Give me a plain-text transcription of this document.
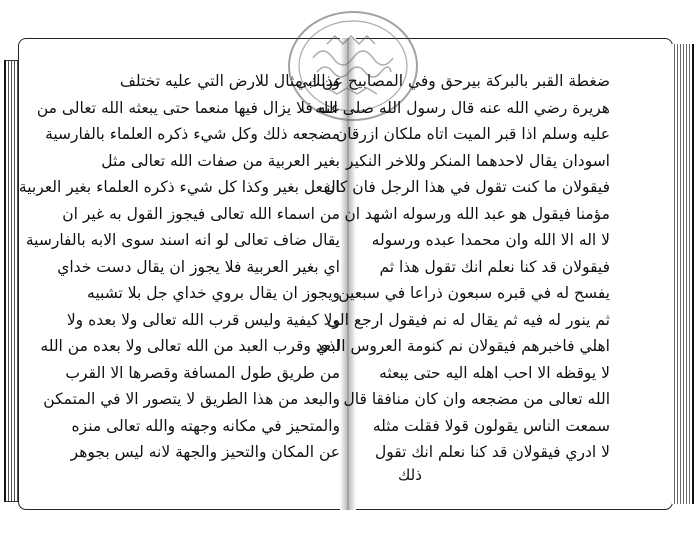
وذلك مثال للارض التي عليه تختلف
عنه فلا يزال فيها منعما حتى يبعثه الله تعالى من
مضجعه ذلك وكل شيء ذكره العلماء بالفارسية
بغير العربية من صفات الله تعالى مثل
الفعل بغير وكذا كل شيء ذكره العلماء بغير العربية
من اسماء الله تعالى فيجوز القول به غير ان
يقال ضاف تعالى لو انه اسند سوى الابه بالفارسية
اي بغير العربية فلا يجوز ان يقال دست خداي
ويجوز ان يقال بروي خداي جل بلا تشبيه
ولا كيفية وليس قرب الله تعالى ولا بعده ولا
ابعد وقرب العبد من الله تعالى ولا بعده من الله
من طريق طول المسافة وقصرها الا القرب
والبعد من هذا الطريق لا يتصور الا في المتمكن
والمتحيز في مكانه وجهته والله تعالى منزه
عن المكان والتحيز والجهة لانه ليس بجوهر
ضغطة القبر بالبركة بيرحق وفي المصابيح عن ابي
هريرة رضي الله عنه قال رسول الله صلى الله
عليه وسلم اذا قبر الميت اتاه ملكان ازرقان
اسودان يقال لاحدهما المنكر وللاخر النكير
فيقولان ما كنت تقول في هذا الرجل فان كان
مؤمنا فيقول هو عبد الله ورسوله اشهد ان
لا اله الا الله وان محمدا عبده ورسوله
فيقولان قد كنا نعلم انك تقول هذا ثم
يفسح له في قبره سبعون ذراعا في سبعين
ثم ينور له فيه ثم يقال له نم فيقول ارجع الى
اهلي فاخبرهم فيقولان نم كنومة العروس الذي
لا يوقظه الا احب اهله اليه حتى يبعثه
الله تعالى من مضجعه وان كان منافقا قال
سمعت الناس يقولون قولا فقلت مثله
لا ادري فيقولان قد كنا نعلم انك تقول
ذلك
